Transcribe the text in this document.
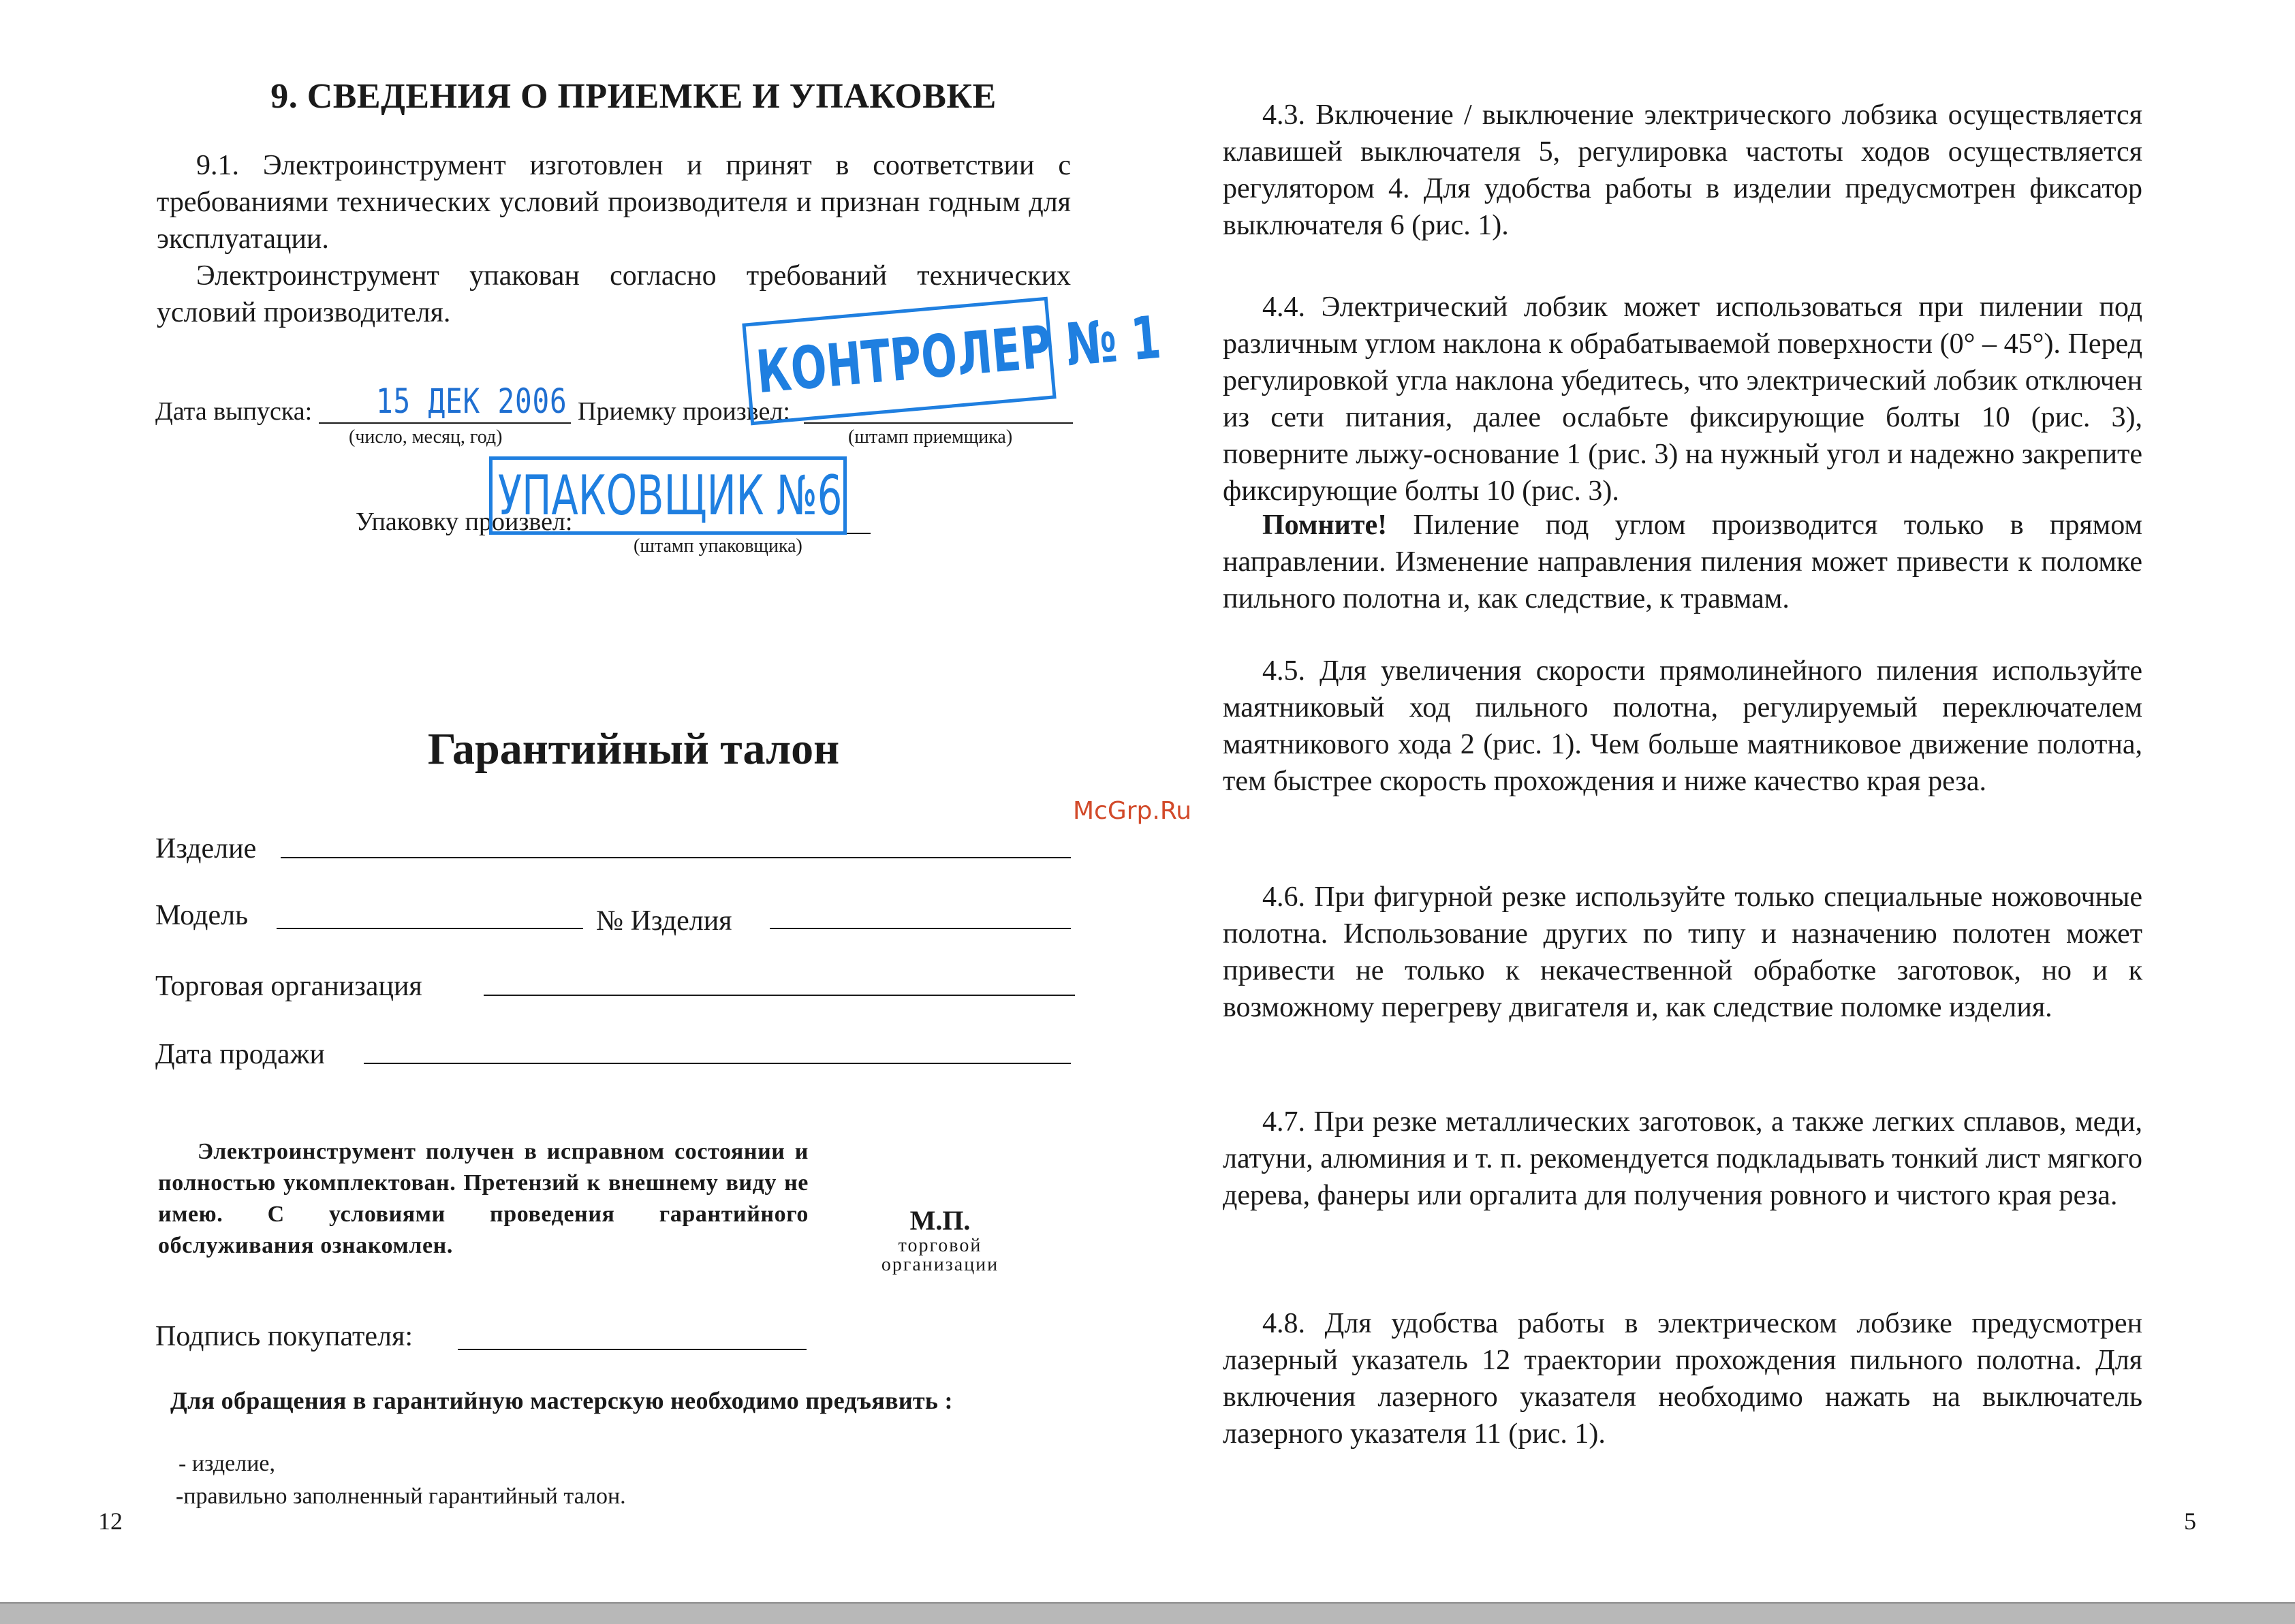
9. СВЕДЕНИЯ О ПРИЕМКЕ И УПАКОВКЕ
9.1. Электроинструмент изготовлен и принят в соответствии с требованиями технических условий производителя и признан годным для эксплуатации.
Электроинструмент упакован согласно требований технических условий производителя.
Дата выпуска: 15 ДЕК 2006
(число, месяц, год)
Приемку произвел:
(штамп приемщика)
КОНТРОЛЕР № 1
Упаковку произвел:
(штамп упаковщика)
УПАКОВЩИК №6
Гарантийный талон
Изделие
Модель	№ Изделия
Торговая организация
Дата продажи
Электроинструмент получен в исправном состоянии и полностью укомплектован. Претензий к внешнему виду не имею. С условиями проведения гарантийного обслуживания ознакомлен.
М.П.
торговой
организации
Подпись покупателя:
Для обращения в гарантийную мастерскую необходимо предъявить :
- изделие,
-правильно заполненный гарантийный талон.
12
McGrp.Ru
4.3. Включение / выключение электрического лобзика осуществляется клавишей выключателя 5, регулировка частоты ходов осуществляется регулятором 4. Для удобства работы в изделии предусмотрен фиксатор выключателя 6 (рис. 1).
4.4. Электрический лобзик может использоваться при пилении под различным углом наклона к обрабатываемой поверхности (0° – 45°). Перед регулировкой угла наклона убедитесь, что электрический лобзик отключен из сети питания, далее ослабьте фиксирующие болты 10 (рис. 3), поверните лыжу-основание 1 (рис. 3) на нужный угол и надежно закрепите фиксирующие болты 10 (рис. 3).
Помните! Пиление под углом производится только в прямом направлении. Изменение направления пиления может привести к поломке пильного полотна и, как следствие, к травмам.
4.5. Для увеличения скорости прямолинейного пиления используйте маятниковый ход пильного полотна, регулируемый переключателем маятникового хода 2 (рис. 1). Чем больше маятниковое движение полотна, тем быстрее скорость прохождения и ниже качество края реза.
4.6. При фигурной резке используйте только специальные ножовочные полотна. Использование других по типу и назначению полотен может привести не только к некачественной обработке заготовок, но и к возможному перегреву двигателя и, как следствие поломке изделия.
4.7. При резке металлических заготовок, а также легких сплавов, меди, латуни, алюминия и т. п. рекомендуется подкладывать тонкий лист мягкого дерева, фанеры или оргалита для получения ровного и чистого края реза.
4.8. Для удобства работы в электрическом лобзике предусмотрен лазерный указатель 12 траектории прохождения пильного полотна. Для включения лазерного указателя необходимо нажать на выключатель лазерного указателя 11 (рис. 1).
5
